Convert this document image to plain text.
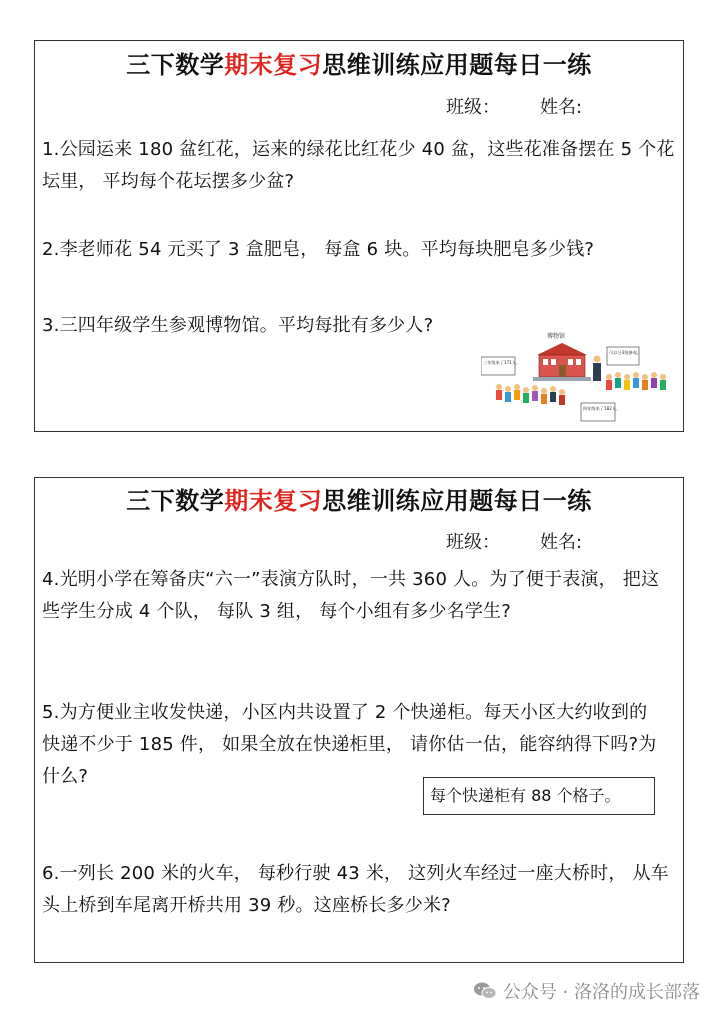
三下数学期末复习思维训练应用题每日一练
班级： 姓名:
1.公园运来 180 盆红花，运来的绿花比红花少 40 盆，这些花准备摆在 5 个花
坛里， 平均每个花坛摆多少盆?
2.李老师花 54 元买了 3 盒肥皂， 每盒 6 块。平均每块肥皂多少钱?
3.三四年级学生参观博物馆。平均每批有多少人?
博物馆
三年级来了171人。
可以分3批参观。
四年级来了182人。
三下数学期末复习思维训练应用题每日一练
班级： 姓名:
4.光明小学在筹备庆“六一”表演方队时，一共 360 人。为了便于表演， 把这
些学生分成 4 个队， 每队 3 组， 每个小组有多少名学生?
5.为方便业主收发快递，小区内共设置了 2 个快递柜。每天小区大约收到的
快递不少于 185 件， 如果全放在快递柜里， 请你估一估，能容纳得下吗?为
什么?
每个快递柜有 88 个格子。
6.一列长 200 米的火车， 每秒行驶 43 米， 这列火车经过一座大桥时， 从车
头上桥到车尾离开桥共用 39 秒。这座桥长多少米?
公众号 · 洛洛的成长部落
